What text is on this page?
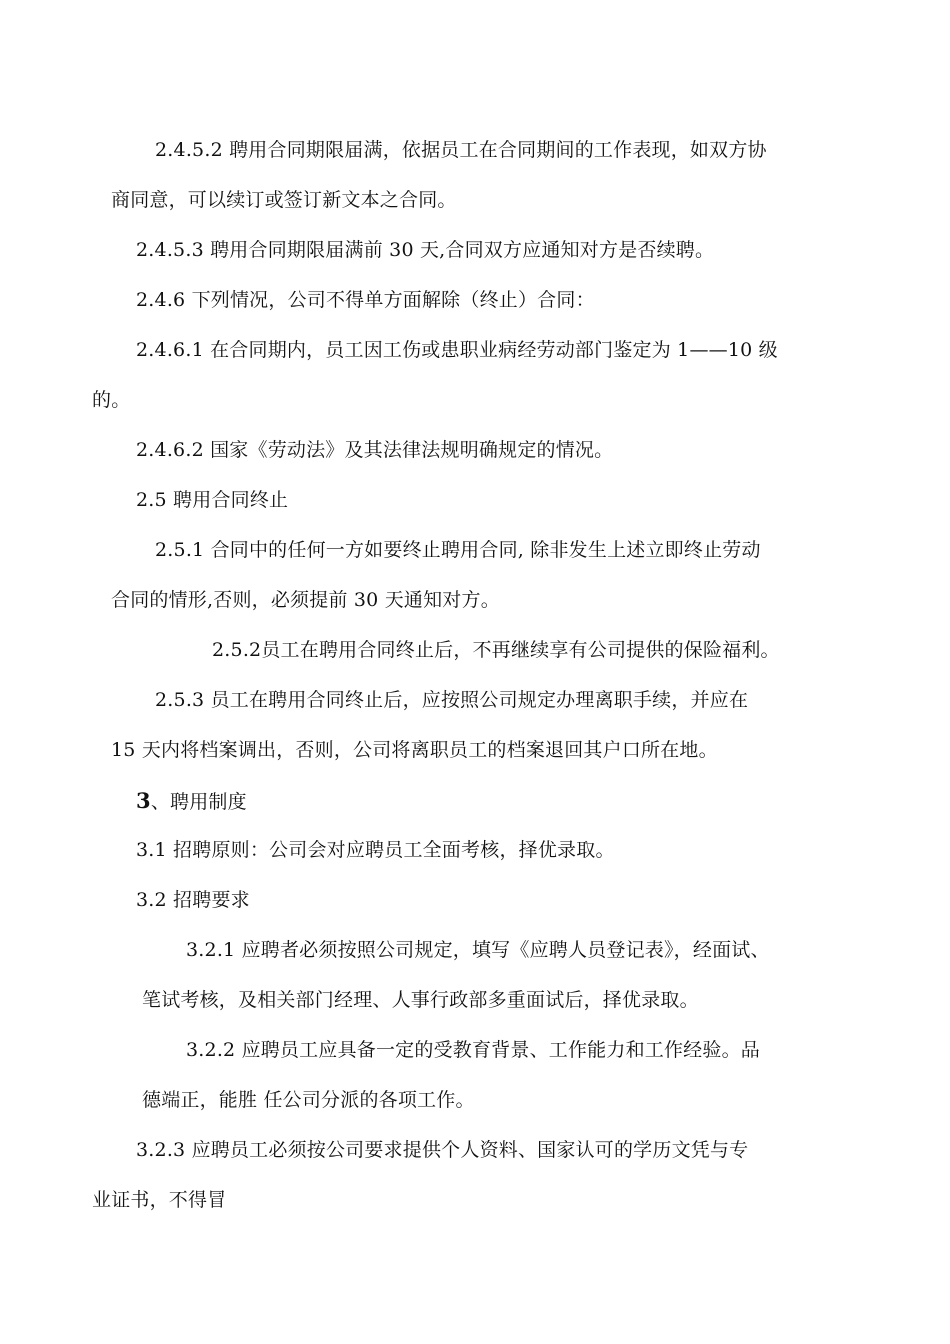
2.4.5.2 聘用合同期限届满，依据员工在合同期间的工作表现，如双方协
商同意，可以续订或签订新文本之合同。
2.4.5.3 聘用合同期限届满前 30 天,合同双方应通知对方是否续聘。
2.4.6 下列情况，公司不得单方面解除（终止）合同：
2.4.6.1 在合同期内，员工因工伤或患职业病经劳动部门鉴定为 1——10 级
的。
2.4.6.2 国家《劳动法》及其法律法规明确规定的情况。
2.5 聘用合同终止
2.5.1 合同中的任何一方如要终止聘用合同, 除非发生上述立即终止劳动
合同的情形,否则，必须提前 30 天通知对方。
2.5.2员工在聘用合同终止后，不再继续享有公司提供的保险福利。
2.5.3 员工在聘用合同终止后，应按照公司规定办理离职手续，并应在
15 天内将档案调出，否则，公司将离职员工的档案退回其户口所在地。
3、聘用制度
3.1 招聘原则：公司会对应聘员工全面考核，择优录取。
3.2 招聘要求
3.2.1 应聘者必须按照公司规定，填写《应聘人员登记表》，经面试、
笔试考核，及相关部门经理、人事行政部多重面试后，择优录取。
3.2.2 应聘员工应具备一定的受教育背景、工作能力和工作经验。品
德端正，能胜 任公司分派的各项工作。
3.2.3 应聘员工必须按公司要求提供个人资料、国家认可的学历文凭与专
业证书，不得冒
